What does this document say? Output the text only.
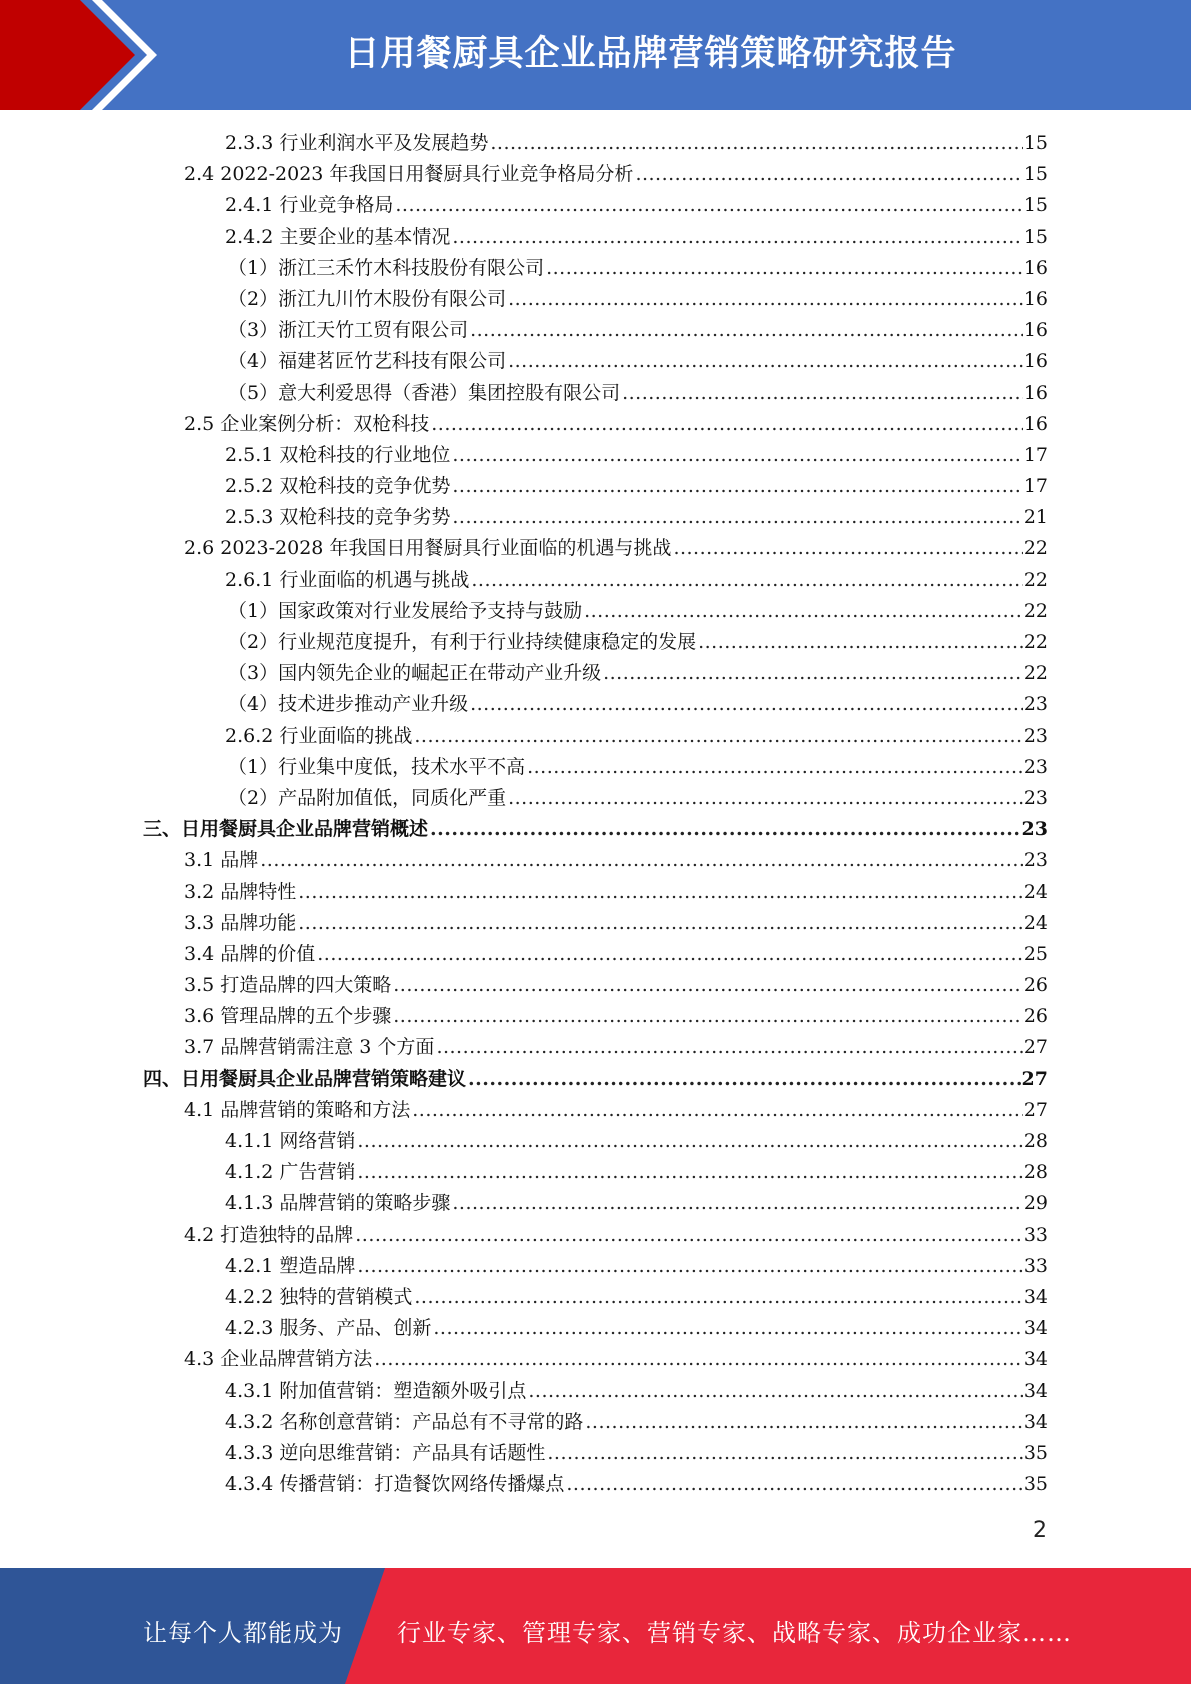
日用餐厨具企业品牌营销策略研究报告
2.3.3 行业利润水平及发展趋势 .....	15
2.4 2022-2023 年我国日用餐厨具行业竞争格局分析 .....	15
2.4.1 行业竞争格局 .....	15
2.4.2 主要企业的基本情况 .....	15
（1）浙江三禾竹木科技股份有限公司 .....	16
（2）浙江九川竹木股份有限公司 .....	16
（3）浙江天竹工贸有限公司 .....	16
（4）福建茗匠竹艺科技有限公司 .....	16
（5）意大利爱思得（香港）集团控股有限公司 .....	16
2.5 企业案例分析：双枪科技 .....	16
2.5.1 双枪科技的行业地位 .....	17
2.5.2 双枪科技的竞争优势 .....	17
2.5.3 双枪科技的竞争劣势 .....	21
2.6 2023-2028 年我国日用餐厨具行业面临的机遇与挑战 .....	22
2.6.1 行业面临的机遇与挑战 .....	22
（1）国家政策对行业发展给予支持与鼓励 .....	22
（2）行业规范度提升，有利于行业持续健康稳定的发展 .....	22
（3）国内领先企业的崛起正在带动产业升级 .....	22
（4）技术进步推动产业升级 .....	23
2.6.2 行业面临的挑战 .....	23
（1）行业集中度低，技术水平不高 .....	23
（2）产品附加值低，同质化严重 .....	23
三、日用餐厨具企业品牌营销概述 .....	23
3.1 品牌 .....	23
3.2 品牌特性 .....	24
3.3 品牌功能 .....	24
3.4 品牌的价值 .....	25
3.5 打造品牌的四大策略 .....	26
3.6 管理品牌的五个步骤 .....	26
3.7 品牌营销需注意 3 个方面 .....	27
四、日用餐厨具企业品牌营销策略建议 .....	27
4.1 品牌营销的策略和方法 .....	27
4.1.1 网络营销 .....	28
4.1.2 广告营销 .....	28
4.1.3 品牌营销的策略步骤 .....	29
4.2 打造独特的品牌 .....	33
4.2.1 塑造品牌 .....	33
4.2.2 独特的营销模式 .....	34
4.2.3 服务、产品、创新 .....	34
4.3 企业品牌营销方法 .....	34
4.3.1 附加值营销：塑造额外吸引点 .....	34
4.3.2 名称创意营销：产品总有不寻常的路 .....	34
4.3.3 逆向思维营销：产品具有话题性 .....	35
4.3.4 传播营销：打造餐饮网络传播爆点 .....	35
2
让每个人都能成为 行业专家、管理专家、营销专家、战略专家、成功企业家……
